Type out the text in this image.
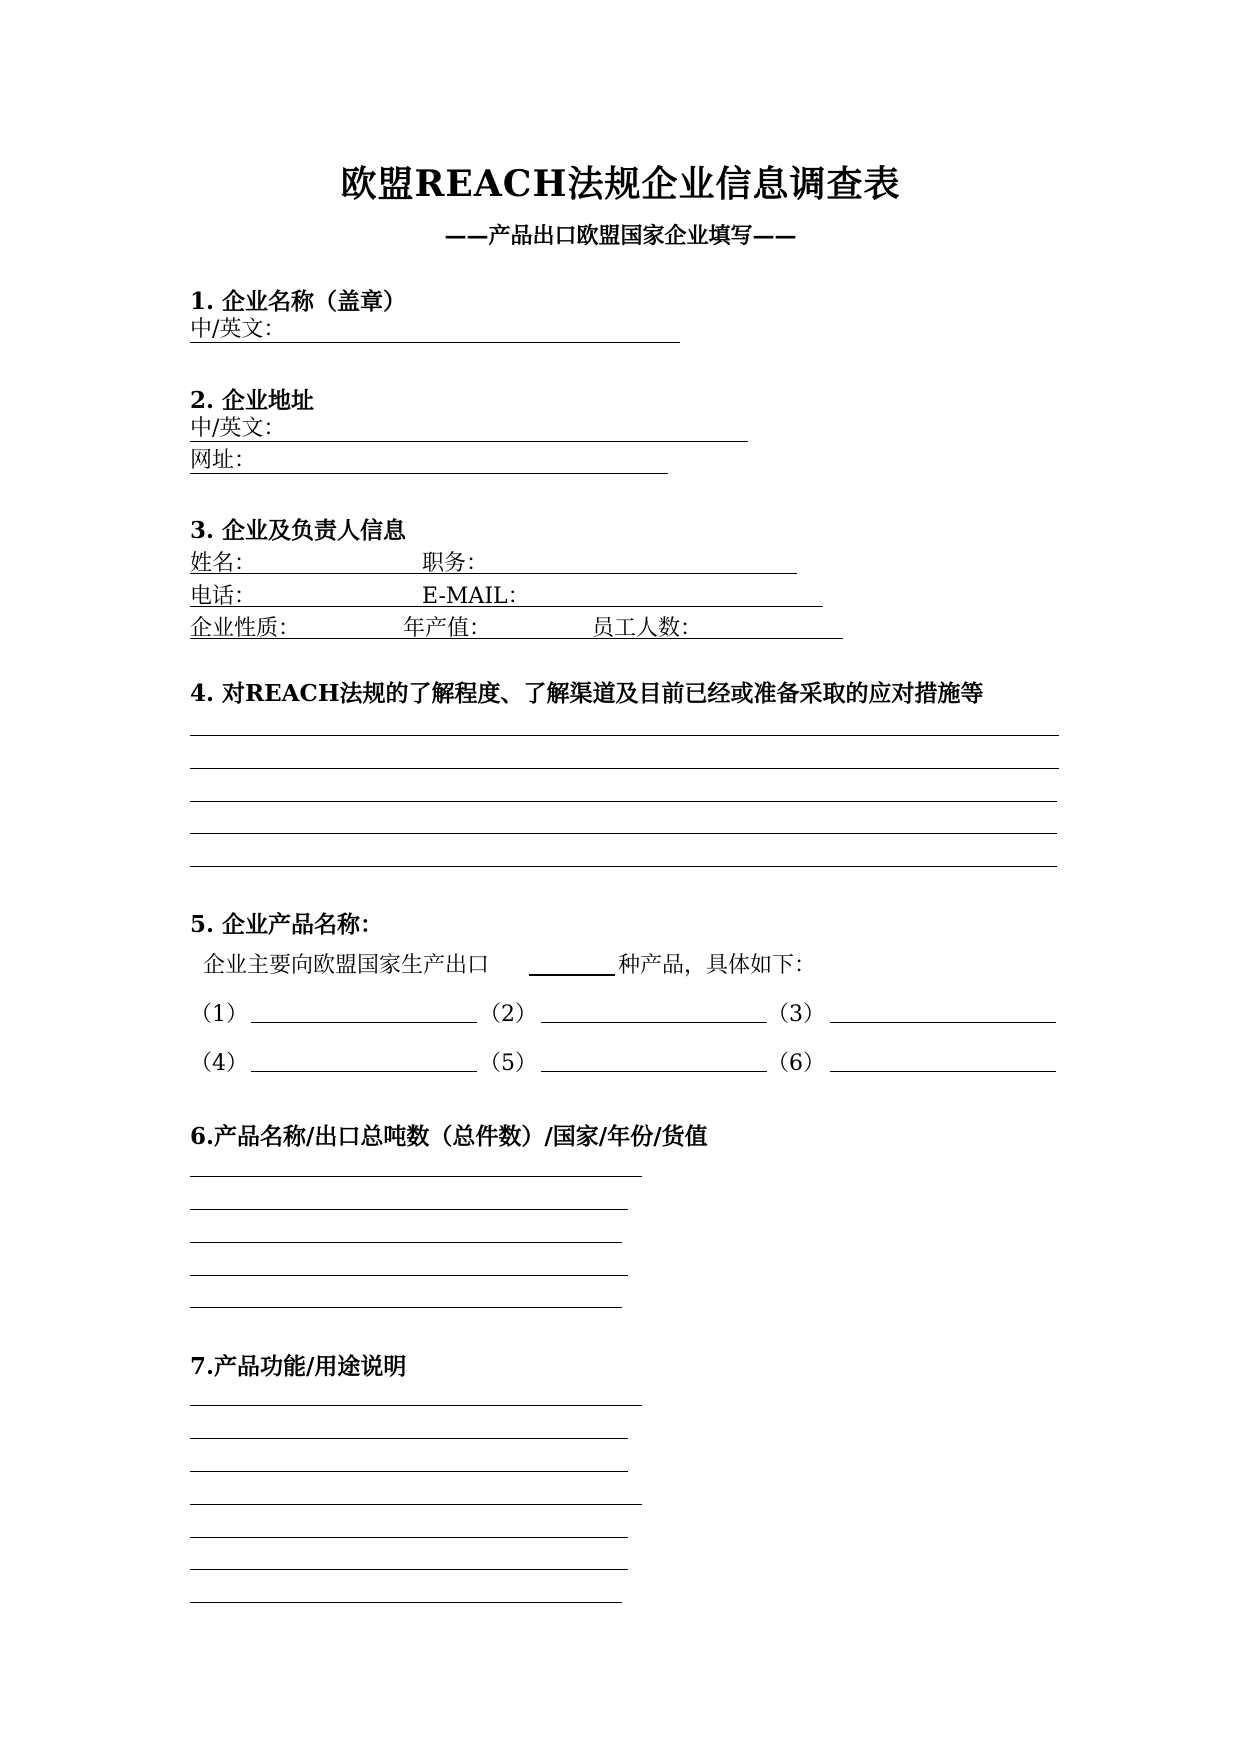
欧盟REACH法规企业信息调查表
——产品出口欧盟国家企业填写——
1. 企业名称（盖章）
中/英文：
2. 企业地址
中/英文：
网址：
3. 企业及负责人信息
姓名：	职务：
电话：	E-MAIL：
企业性质：	年产值：	员工人数：
4. 对REACH法规的了解程度、了解渠道及目前已经或准备采取的应对措施等
5. 企业产品名称：
企业主要向欧盟国家生产出口	种产品，具体如下：
（1）	（2）	（3）
（4）	（5）	（6）
6.产品名称/出口总吨数（总件数）/国家/年份/货值
7.产品功能/用途说明
